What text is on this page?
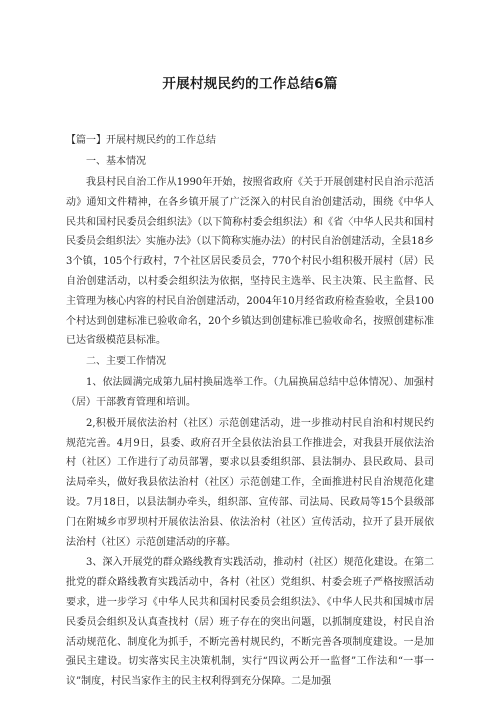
开展村规民约的工作总结6篇

【篇一】开展村规民约的工作总结

一、基本情况

我县村民自治工作从1990年开始，按照省政府《关于开展创建村民自治示范活动》通知文件精神，在各乡镇开展了广泛深入的村民自治创建活动，围绕《中华人民共和国村民委员会组织法》（以下简称村委会组织法）和《省〈中华人民共和国村民委员会组织法〉实施办法》（以下简称实施办法）的村民自治创建活动，全县18乡3个镇，105个行政村，7个社区居民委员会，770个村民小组积极开展村（居）民自治创建活动，以村委会组织法为依据，坚持民主选举、民主决策、民主监督、民主管理为核心内容的村民自治创建活动，2004年10月经省政府检查验收，全县100个村达到创建标准已验收命名，20个乡镇达到创建标准已验收命名，按照创建标准已达省级模范县标准。

二、主要工作情况

1、依法圆满完成第九届村换届选举工作。（九届换届总结中总体情况）、加强村（居）干部教育管理和培训。

2,积极开展依法治村（社区）示范创建活动，进一步推动村民自治和村规民约规范完善。4月9日，县委、政府召开全县依法治县工作推进会，对我县开展依法治村（社区）工作进行了动员部署，要求以县委组织部、县法制办、县民政局、县司法局牵头，做好我县依法治村（社区）示范创建工作，全面推进村民自治规范化建设。7月18日，以县法制办牵头，组织部、宣传部、司法局、民政局等15个县级部门在附城乡市罗坝村开展依法治县、依法治村（社区）宣传活动，拉开了县开展依法治村（社区）示范创建活动的序幕。

3、深入开展党的群众路线教育实践活动，推动村（社区）规范化建设。在第二批党的群众路线教育实践活动中，各村（社区）党组织、村委会班子严格按照活动要求，进一步学习《中华人民共和国村民委员会组织法》、《中华人民共和国城市居民委员会组织及认真查找村（居）班子存在的突出问题，以抓制度建设，村民自治活动规范化、制度化为抓手，不断完善村规民约，不断完善各项制度建设。一是加强民主建设。切实落实民主决策机制，实行“四议两公开一监督”工作法和“一事一议”制度，村民当家作主的民主权利得到充分保障。二是加强
